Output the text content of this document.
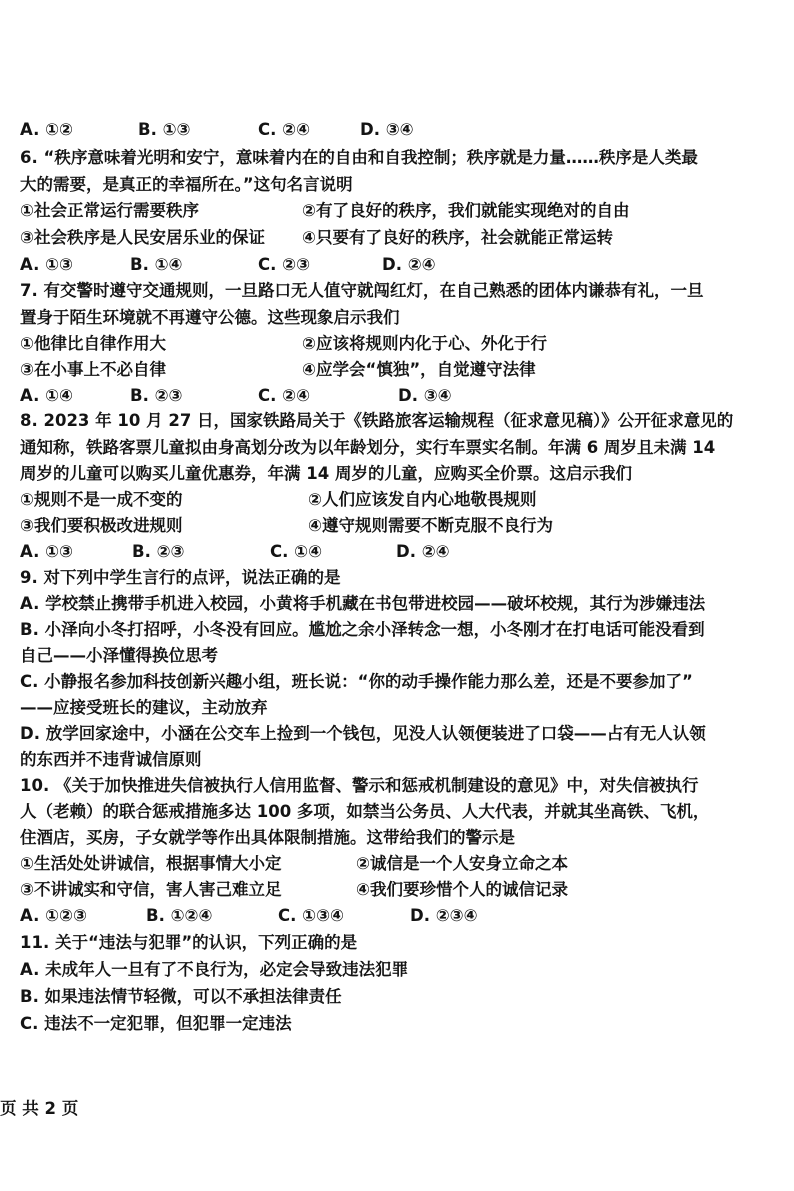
A. ①②	B. ①③	C. ②④	D. ③④
6. “秩序意味着光明和安宁，意味着内在的自由和自我控制；秩序就是力量……秩序是人类最
大的需要，是真正的幸福所在。”这句名言说明
①社会正常运行需要秩序	②有了良好的秩序，我们就能实现绝对的自由
③社会秩序是人民安居乐业的保证 ④只要有了良好的秩序，社会就能正常运转
A. ①③	B. ①④	C. ②③	D. ②④
7. 有交警时遵守交通规则，一旦路口无人值守就闯红灯，在自己熟悉的团体内谦恭有礼，一旦
置身于陌生环境就不再遵守公德。这些现象启示我们
①他律比自律作用大	②应该将规则内化于心、外化于行
③在小事上不必自律	④应学会“慎独”，自觉遵守法律
A. ①④	B. ②③	C. ②④	D. ③④
8. 2023 年 10 月 27 日，国家铁路局关于《铁路旅客运输规程（征求意见稿）》公开征求意见的
通知称，铁路客票儿童拟由身高划分改为以年龄划分，实行车票实名制。年满 6 周岁且未满 14
周岁的儿童可以购买儿童优惠券，年满 14 周岁的儿童，应购买全价票。这启示我们
①规则不是一成不变的	②人们应该发自内心地敬畏规则
③我们要积极改进规则	④遵守规则需要不断克服不良行为
A. ①③	B. ②③	C. ①④	D. ②④
9. 对下列中学生言行的点评，说法正确的是
A. 学校禁止携带手机进入校园，小黄将手机藏在书包带进校园——破坏校规，其行为涉嫌违法
B. 小泽向小冬打招呼，小冬没有回应。尴尬之余小泽转念一想，小冬刚才在打电话可能没看到
自己——小泽懂得换位思考
C. 小静报名参加科技创新兴趣小组，班长说：“你的动手操作能力那么差，还是不要参加了”
——应接受班长的建议，主动放弃
D. 放学回家途中，小涵在公交车上捡到一个钱包，见没人认领便装进了口袋——占有无人认领
的东西并不违背诚信原则
10. 《关于加快推进失信被执行人信用监督、警示和惩戒机制建设的意见》中，对失信被执行
人（老赖）的联合惩戒措施多达 100 多项，如禁当公务员、人大代表，并就其坐高铁、飞机，
住酒店，买房，子女就学等作出具体限制措施。这带给我们的警示是
①生活处处讲诚信，根据事情大小定	②诚信是一个人安身立命之本
③不讲诚实和守信，害人害己难立足	④我们要珍惜个人的诚信记录
A. ①②③	B. ①②④	C. ①③④	D. ②③④
11. 关于“违法与犯罪”的认识，下列正确的是
A. 未成年人一旦有了不良行为，必定会导致违法犯罪
B. 如果违法情节轻微，可以不承担法律责任
C. 违法不一定犯罪，但犯罪一定违法
页 共 2 页
